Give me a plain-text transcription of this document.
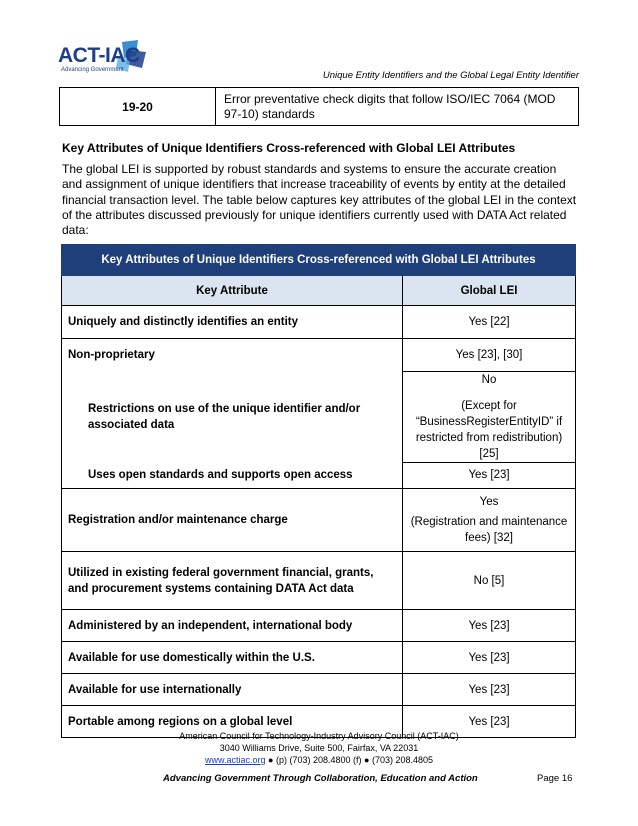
ACT-IAC
Advancing Government	Unique Entity Identifiers and the Global Legal Entity Identifier
19-20	Error preventative check digits that follow ISO/IEC 7064 (MOD 97-10) standards
Key Attributes of Unique Identifiers Cross-referenced with Global LEI Attributes
The global LEI is supported by robust standards and systems to ensure the accurate creation and assignment of unique identifiers that increase traceability of events by entity at the detailed financial transaction level. The table below captures key attributes of the global LEI in the context of the attributes discussed previously for unique identifiers currently used with DATA Act related data:
Key Attributes of Unique Identifiers Cross-referenced with Global LEI Attributes	
Key Attribute	Global LEI
Uniquely and distinctly identifies an entity	Yes [22]
Non-proprietary	Yes [23], [30]
Restrictions on use of the unique identifier and/or associated data	No
(Except for “BusinessRegisterEntityID” if restricted from redistribution) [25]

Uses open standards and supports open access	Yes [23]
Registration and/or maintenance charge	Yes
(Registration and maintenance fees) [32]

Utilized in existing federal government financial, grants, and procurement systems containing DATA Act data	No [5]
Administered by an independent, international body	Yes [23]
Available for use domestically within the U.S.	Yes [23]
Available for use internationally	Yes [23]
Portable among regions on a global level	Yes [23]
American Council for Technology-Industry Advisory Council (ACT-IAC)
3040 Williams Drive, Suite 500, Fairfax, VA 22031
www.actiac.org ● (p) (703) 208.4800 (f) ● (703) 208.4805
Advancing Government Through Collaboration, Education and Action	Page 16
